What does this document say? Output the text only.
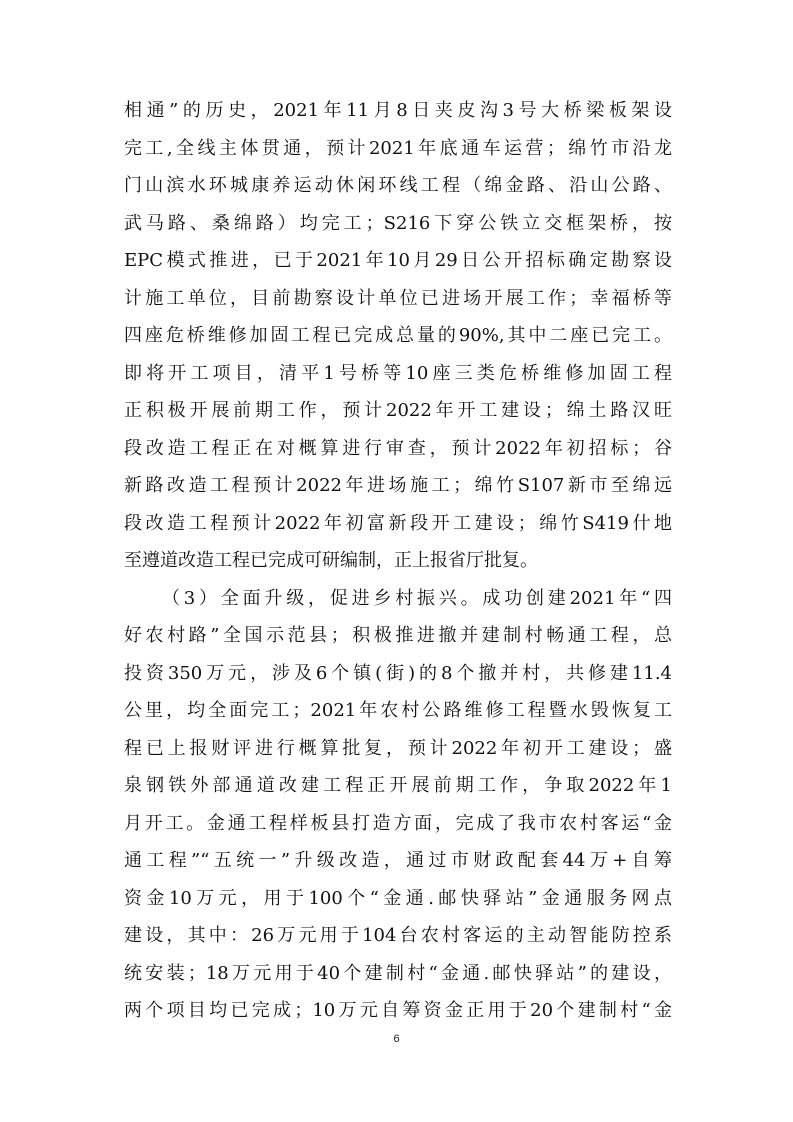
相通”的历史，2021年11月8日夹皮沟3号大桥梁板架设
完工,全线主体贯通，预计2021年底通车运营；绵竹市沿龙
门山滨水环城康养运动休闲环线工程（绵金路、沿山公路、
武马路、桑绵路）均完工；S216下穿公铁立交框架桥，按
EPC模式推进，已于2021年10月29日公开招标确定勘察设
计施工单位，目前勘察设计单位已进场开展工作；幸福桥等
四座危桥维修加固工程已完成总量的90%,其中二座已完工。
即将开工项目，清平1号桥等10座三类危桥维修加固工程
正积极开展前期工作，预计2022年开工建设；绵土路汉旺
段改造工程正在对概算进行审查，预计2022年初招标；谷
新路改造工程预计2022年进场施工；绵竹S107新市至绵远
段改造工程预计2022年初富新段开工建设；绵竹S419什地
至遵道改造工程已完成可研编制，正上报省厅批复。
（3）全面升级，促进乡村振兴。成功创建2021年“四
好农村路”全国示范县；积极推进撤并建制村畅通工程，总
投资350万元，涉及6个镇(街)的8个撤并村，共修建11.4
公里，均全面完工；2021年农村公路维修工程暨水毁恢复工
程已上报财评进行概算批复，预计2022年初开工建设；盛
泉钢铁外部通道改建工程正开展前期工作，争取2022年1
月开工。金通工程样板县打造方面，完成了我市农村客运“金
通工程”“五统一”升级改造，通过市财政配套44万+自筹
资金10万元，用于100个“金通.邮快驿站”金通服务网点
建设，其中：26万元用于104台农村客运的主动智能防控系
统安装；18万元用于40个建制村“金通.邮快驿站”的建设，
两个项目均已完成；10万元自筹资金正用于20个建制村“金
6
